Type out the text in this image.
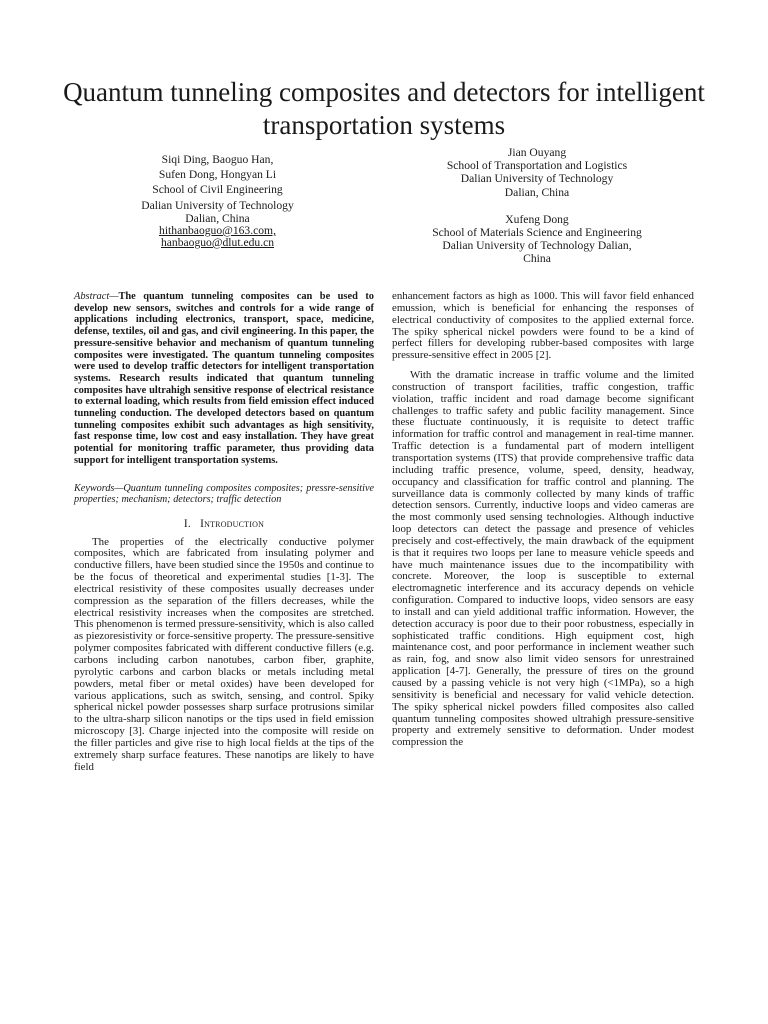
Quantum tunneling composites and detectors for intelligent transportation systems
Siqi Ding, Baoguo Han,
Sufen Dong, Hongyan Li
School of Civil Engineering
Dalian University of Technology
Dalian, China
hithanbaoguo@163.com,
hanbaoguo@dlut.edu.cn
Jian Ouyang
School of Transportation and Logistics
Dalian University of Technology
Dalian, China
Xufeng Dong
School of Materials Science and Engineering
Dalian University of Technology Dalian,
China

Abstract—The quantum tunneling composites can be used to develop new sensors, switches and controls for a wide range of applications including electronics, transport, space, medicine, defense, textiles, oil and gas, and civil engineering. In this paper, the pressure-sensitive behavior and mechanism of quantum tunneling composites were investigated. The quantum tunneling composites were used to develop traffic detectors for intelligent transportation systems. Research results indicated that quantum tunneling composites have ultrahigh sensitive response of electrical resistance to external loading, which results from field emission effect induced tunneling conduction. The developed detectors based on quantum tunneling composites exhibit such advantages as high sensitivity, fast response time, low cost and easy installation. They have great potential for monitoring traffic parameter, thus providing data support for intelligent transportation systems.

Keywords—Quantum tunneling composites composites; pressre-sensitive properties; mechanism; detectors; traffic detection

I. Introduction

The properties of the electrically conductive polymer composites, which are fabricated from insulating polymer and conductive fillers, have been studied since the 1950s and continue to be the focus of theoretical and experimental studies [1-3]. The electrical resistivity of these composites usually decreases under compression as the separation of the fillers decreases, while the electrical resistivity increases when the composites are stretched. This phenomenon is termed pressure-sensitivity, which is also called as piezoresistivity or force-sensitive property. The pressure-sensitive polymer composites fabricated with different conductive fillers (e.g. carbons including carbon nanotubes, carbon fiber, graphite, pyrolytic carbons and carbon blacks or metals including metal powders, metal fiber or metal oxides) have been developed for various applications, such as switch, sensing, and control. Spiky spherical nickel powder possesses sharp surface protrusions similar to the ultra-sharp silicon nanotips or the tips used in field emission microscopy [3]. Charge injected into the composite will reside on the filler particles and give rise to high local fields at the tips of the extremely sharp surface features. These nanotips are likely to have field

enhancement factors as high as 1000. This will favor field enhanced emussion, which is beneficial for enhancing the responses of electrical conductivity of composites to the applied external force. The spiky spherical nickel powders were found to be a kind of perfect fillers for developing rubber-based composites with large pressure-sensitive effect in 2005 [2].

With the dramatic increase in traffic volume and the limited construction of transport facilities, traffic congestion, traffic violation, traffic incident and road damage become significant challenges to traffic safety and public facility management. Since these fluctuate continuously, it is requisite to detect traffic information for traffic control and management in real-time manner. Traffic detection is a fundamental part of modern intelligent transportation systems (ITS) that provide comprehensive traffic data including traffic presence, volume, speed, density, headway, occupancy and classification for traffic control and planning. The surveillance data is commonly collected by many kinds of traffic detection sensors. Currently, inductive loops and video cameras are the most commonly used sensing technologies. Although inductive loop detectors can detect the passage and presence of vehicles precisely and cost-effectively, the main drawback of the equipment is that it requires two loops per lane to measure vehicle speeds and have much maintenance issues due to the incompatibility with concrete. Moreover, the loop is susceptible to external electromagnetic interference and its accuracy depends on vehicle configuration. Compared to inductive loops, video sensors are easy to install and can yield additional traffic information. However, the detection accuracy is poor due to their poor robustness, especially in sophisticated traffic conditions. High equipment cost, high maintenance cost, and poor performance in inclement weather such as rain, fog, and snow also limit video sensors for unrestrained application [4-7]. Generally, the pressure of tires on the ground caused by a passing vehicle is not very high (<1MPa), so a high sensitivity is beneficial and necessary for valid vehicle detection. The spiky spherical nickel powders filled composites also called quantum tunneling composites showed ultrahigh pressure-sensitive property and extremely sensitive to deformation. Under modest compression the
